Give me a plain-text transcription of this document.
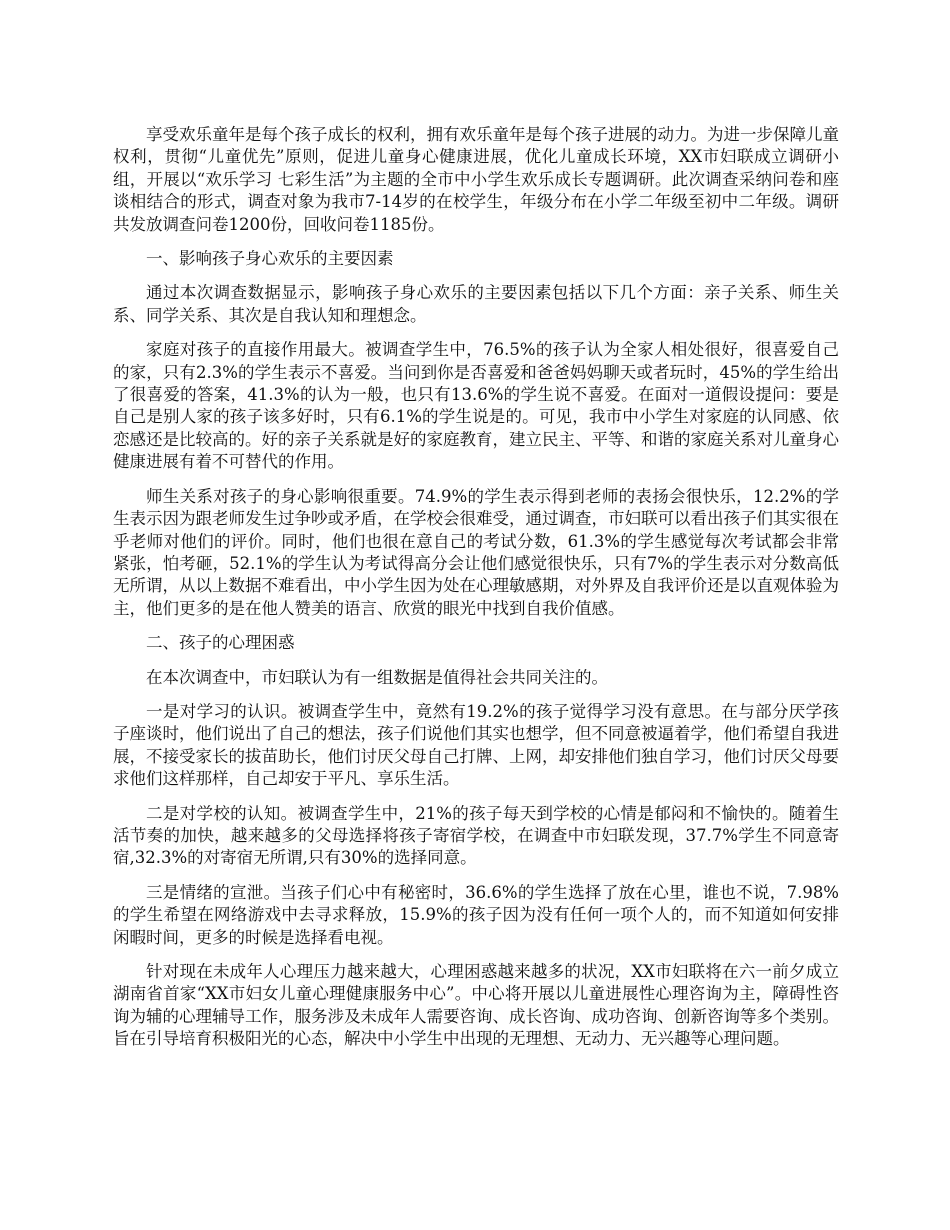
享受欢乐童年是每个孩子成长的权利，拥有欢乐童年是每个孩子进展的动力。为进一步保障儿童权利，贯彻“儿童优先”原则，促进儿童身心健康进展，优化儿童成长环境，XX市妇联成立调研小组，开展以“欢乐学习 七彩生活”为主题的全市中小学生欢乐成长专题调研。此次调查采纳问卷和座谈相结合的形式，调查对象为我市7-14岁的在校学生，年级分布在小学二年级至初中二年级。调研共发放调查问卷1200份，回收问卷1185份。

一、影响孩子身心欢乐的主要因素

通过本次调查数据显示，影响孩子身心欢乐的主要因素包括以下几个方面：亲子关系、师生关系、同学关系、其次是自我认知和理想念。

家庭对孩子的直接作用最大。被调查学生中，76.5%的孩子认为全家人相处很好，很喜爱自己的家，只有2.3%的学生表示不喜爱。当问到你是否喜爱和爸爸妈妈聊天或者玩时，45%的学生给出了很喜爱的答案，41.3%的认为一般，也只有13.6%的学生说不喜爱。在面对一道假设提问：要是自己是别人家的孩子该多好时，只有6.1%的学生说是的。可见，我市中小学生对家庭的认同感、依恋感还是比较高的。好的亲子关系就是好的家庭教育，建立民主、平等、和谐的家庭关系对儿童身心健康进展有着不可替代的作用。

师生关系对孩子的身心影响很重要。74.9%的学生表示得到老师的表扬会很快乐，12.2%的学生表示因为跟老师发生过争吵或矛盾，在学校会很难受，通过调查，市妇联可以看出孩子们其实很在乎老师对他们的评价。同时，他们也很在意自己的考试分数，61.3%的学生感觉每次考试都会非常紧张，怕考砸，52.1%的学生认为考试得高分会让他们感觉很快乐，只有7%的学生表示对分数高低无所谓，从以上数据不难看出，中小学生因为处在心理敏感期，对外界及自我评价还是以直观体验为主，他们更多的是在他人赞美的语言、欣赏的眼光中找到自我价值感。

二、孩子的心理困惑

在本次调查中，市妇联认为有一组数据是值得社会共同关注的。

一是对学习的认识。被调查学生中，竟然有19.2%的孩子觉得学习没有意思。在与部分厌学孩子座谈时，他们说出了自己的想法，孩子们说他们其实也想学，但不同意被逼着学，他们希望自我进展，不接受家长的拔苗助长，他们讨厌父母自己打牌、上网，却安排他们独自学习，他们讨厌父母要求他们这样那样，自己却安于平凡、享乐生活。

二是对学校的认知。被调查学生中，21%的孩子每天到学校的心情是郁闷和不愉快的。随着生活节奏的加快，越来越多的父母选择将孩子寄宿学校，在调查中市妇联发现，37.7%学生不同意寄宿,32.3%的对寄宿无所谓,只有30%的选择同意。

三是情绪的宣泄。当孩子们心中有秘密时，36.6%的学生选择了放在心里，谁也不说，7.98%的学生希望在网络游戏中去寻求释放，15.9%的孩子因为没有任何一项个人的，而不知道如何安排闲暇时间，更多的时候是选择看电视。

针对现在未成年人心理压力越来越大，心理困惑越来越多的状况，XX市妇联将在六一前夕成立湖南省首家“XX市妇女儿童心理健康服务中心”。中心将开展以儿童进展性心理咨询为主，障碍性咨询为辅的心理辅导工作，服务涉及未成年人需要咨询、成长咨询、成功咨询、创新咨询等多个类别。旨在引导培育积极阳光的心态，解决中小学生中出现的无理想、无动力、无兴趣等心理问题。
